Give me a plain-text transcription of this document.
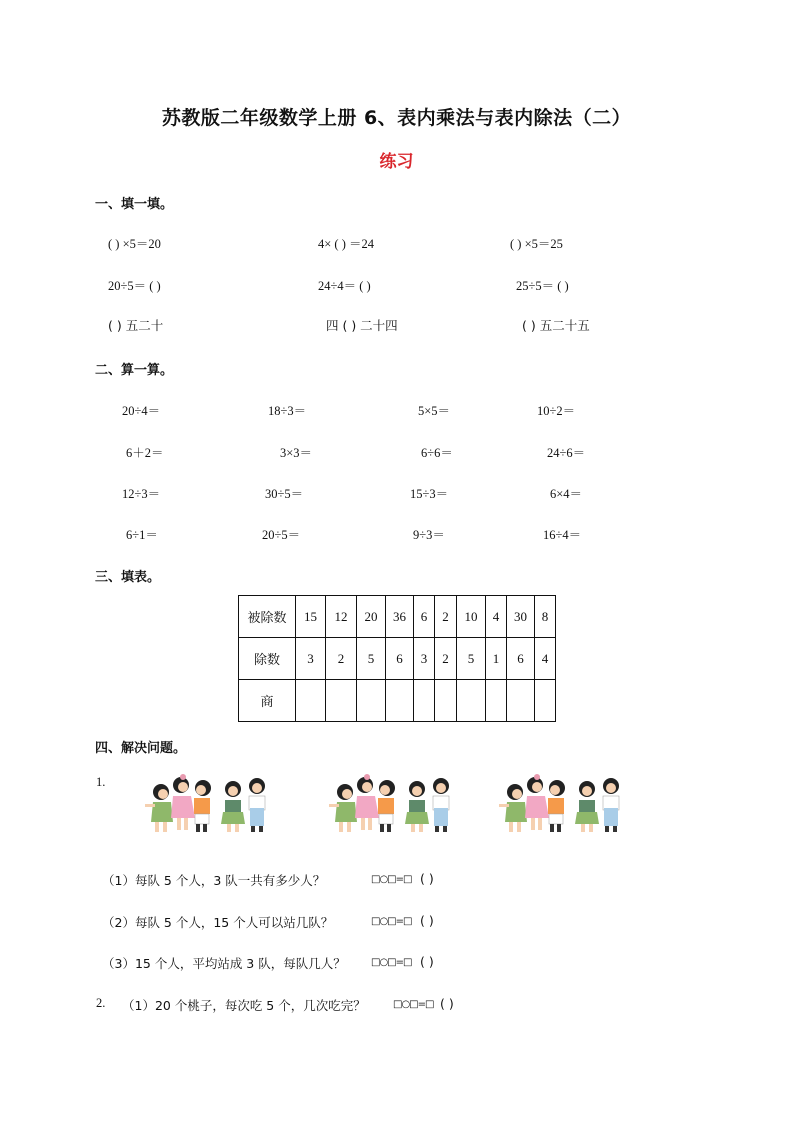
苏教版二年级数学上册 6、表内乘法与表内除法（二）
练习
一、填一填。
( ) ×5＝20	4× ( ) ＝24	( ) ×5＝25
20÷5＝ ( )	24÷4＝ ( )	25÷5＝ ( )
( ) 五二十	四 ( ) 二十四	( ) 五二十五
二、算一算。
20÷4＝	18÷3＝	5×5＝	10÷2＝
6＋2＝	3×3＝	6÷6＝	24÷6＝
12÷3＝	30÷5＝	15÷3＝	6×4＝
6÷1＝	20÷5＝	9÷3＝	16÷4＝
三、填表。
被除数	15	12	20	36	6	2	10	4	30	8
除数	3	2	5	6	3	2	5	1	6	4
商										
四、解决问题。
1.
（1）每队 5 个人，3 队一共有多少人？	□○□=□ ( )
（2）每队 5 个人，15 个人可以站几队？	□○□=□ ( )
（3）15 个人，平均站成 3 队，每队几人？	□○□=□ ( )
2. （1）20 个桃子，每次吃 5 个，几次吃完？	□○□=□ ( )
